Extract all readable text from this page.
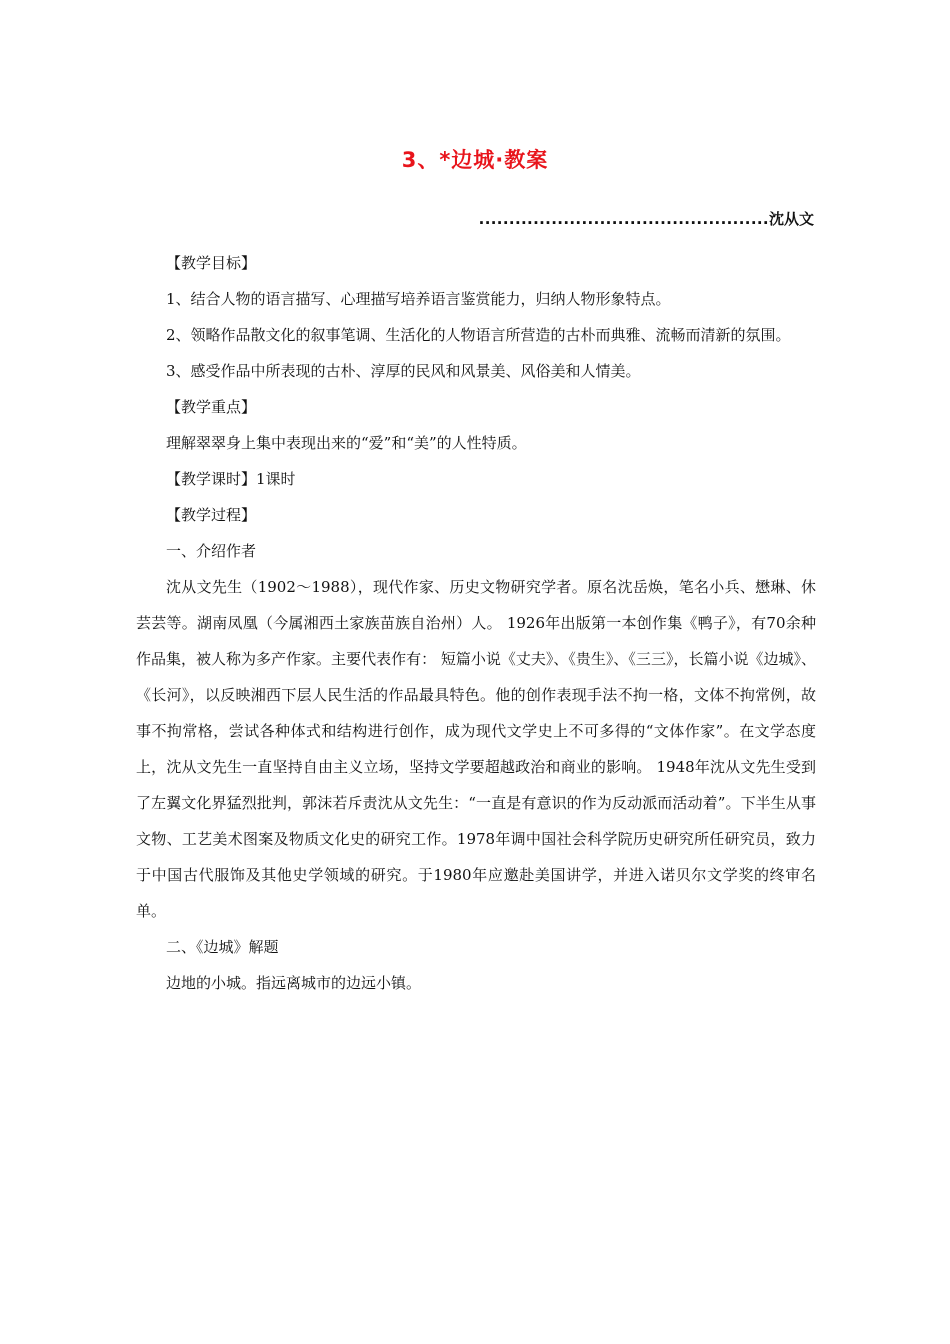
3、*边城·教案
................................................沈从文

【教学目标】

1、结合人物的语言描写、心理描写培养语言鉴赏能力，归纳人物形象特点。

2、领略作品散文化的叙事笔调、生活化的人物语言所营造的古朴而典雅、流畅而清新的氛围。

3、感受作品中所表现的古朴、淳厚的民风和风景美、风俗美和人情美。

【教学重点】

理解翠翠身上集中表现出来的“爱”和“美”的人性特质。

【教学课时】1课时

【教学过程】

一、介绍作者

沈从文先生（1902～1988），现代作家、历史文物研究学者。原名沈岳焕，笔名小兵、懋琳、休芸芸等。湖南凤凰（今属湘西土家族苗族自治州）人。 1926年出版第一本创作集《鸭子》，有70余种作品集，被人称为多产作家。主要代表作有： 短篇小说《丈夫》、《贵生》、《三三》，长篇小说《边城》、《长河》，以反映湘西下层人民生活的作品最具特色。他的创作表现手法不拘一格，文体不拘常例，故事不拘常格，尝试各种体式和结构进行创作，成为现代文学史上不可多得的“文体作家”。在文学态度上，沈从文先生一直坚持自由主义立场，坚持文学要超越政治和商业的影响。 1948年沈从文先生受到了左翼文化界猛烈批判，郭沫若斥责沈从文先生：“一直是有意识的作为反动派而活动着”。下半生从事文物、工艺美术图案及物质文化史的研究工作。1978年调中国社会科学院历史研究所任研究员，致力于中国古代服饰及其他史学领域的研究。于1980年应邀赴美国讲学，并进入诺贝尔文学奖的终审名单。

二、《边城》解题

边地的小城。指远离城市的边远小镇。
